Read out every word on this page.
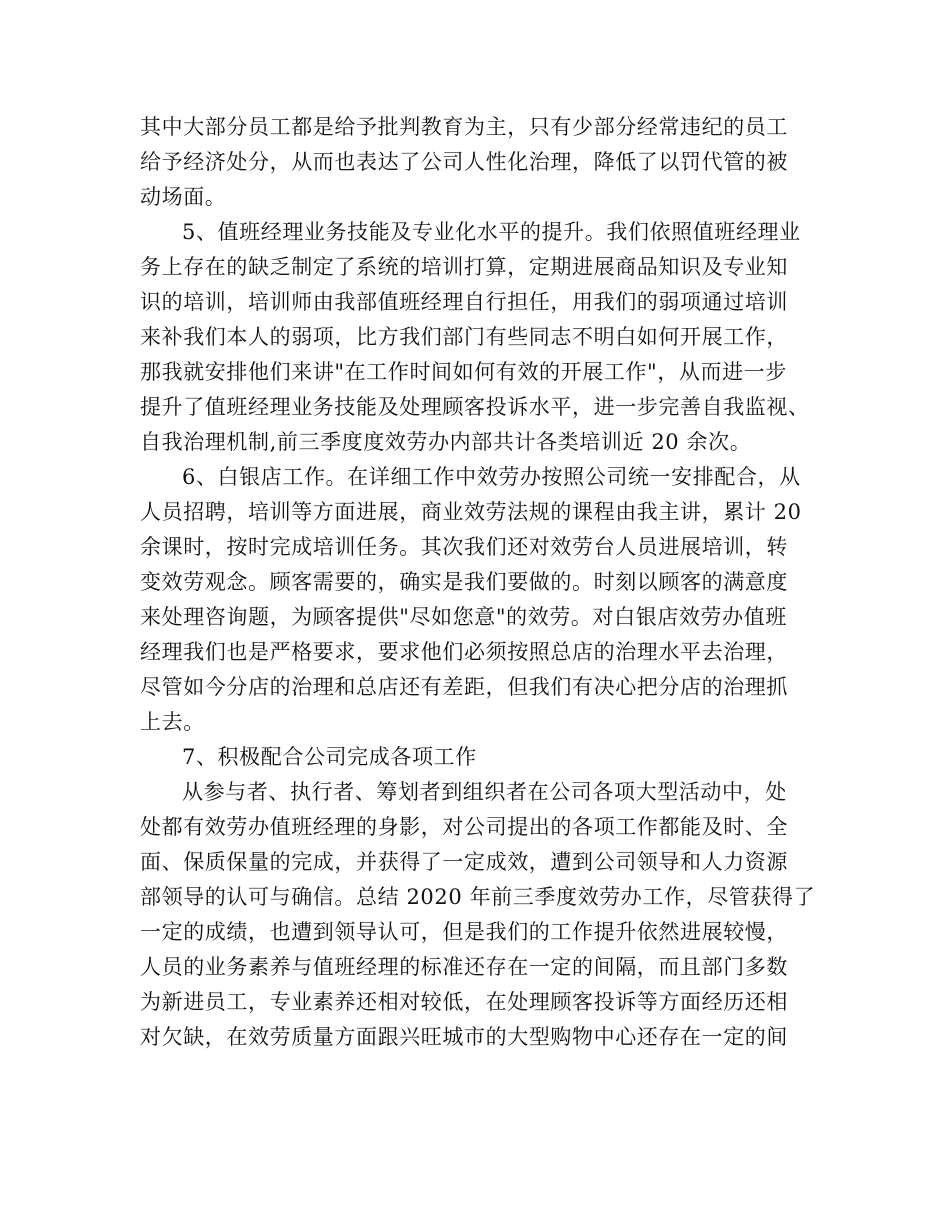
其中大部分员工都是给予批判教育为主，只有少部分经常违纪的员工
给予经济处分，从而也表达了公司人性化治理，降低了以罚代管的被
动场面。
5、值班经理业务技能及专业化水平的提升。我们依照值班经理业
务上存在的缺乏制定了系统的培训打算，定期进展商品知识及专业知
识的培训，培训师由我部值班经理自行担任，用我们的弱项通过培训
来补我们本人的弱项，比方我们部门有些同志不明白如何开展工作，
那我就安排他们来讲"在工作时间如何有效的开展工作"，从而进一步
提升了值班经理业务技能及处理顾客投诉水平，进一步完善自我监视、
自我治理机制,前三季度度效劳办内部共计各类培训近 20 余次。
6、白银店工作。在详细工作中效劳办按照公司统一安排配合，从
人员招聘，培训等方面进展，商业效劳法规的课程由我主讲，累计 20
余课时，按时完成培训任务。其次我们还对效劳台人员进展培训，转
变效劳观念。顾客需要的，确实是我们要做的。时刻以顾客的满意度
来处理咨询题，为顾客提供"尽如您意"的效劳。对白银店效劳办值班
经理我们也是严格要求，要求他们必须按照总店的治理水平去治理，
尽管如今分店的治理和总店还有差距，但我们有决心把分店的治理抓
上去。
7、积极配合公司完成各项工作
从参与者、执行者、筹划者到组织者在公司各项大型活动中，处
处都有效劳办值班经理的身影，对公司提出的各项工作都能及时、全
面、保质保量的完成，并获得了一定成效，遭到公司领导和人力资源
部领导的认可与确信。总结 2020 年前三季度效劳办工作，尽管获得了
一定的成绩，也遭到领导认可，但是我们的工作提升依然进展较慢，
人员的业务素养与值班经理的标准还存在一定的间隔，而且部门多数
为新进员工，专业素养还相对较低，在处理顾客投诉等方面经历还相
对欠缺，在效劳质量方面跟兴旺城市的大型购物中心还存在一定的间
